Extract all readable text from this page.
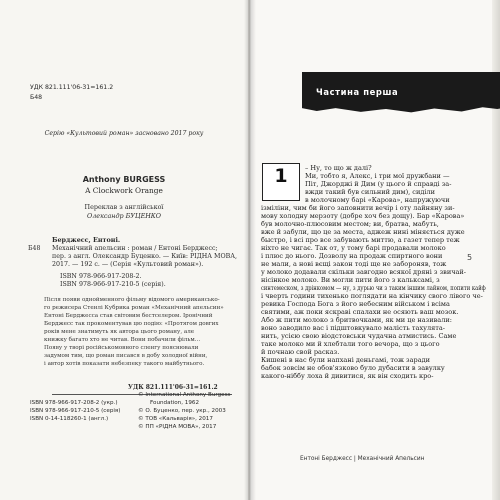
УДК 821.111'06-31=161.2
Б48
Серію «Культовий роман» засновано 2017 року
Anthony BURGESS
A Clockwork Orange
Переклав з англійської
Олександр БУЦЕНКО
Берджесс, Ентоні.
Б48 Механічний апельсин : роман / Ентоні Берджесс;
пер. з англ. Олександр Буценко. — Київ: РІДНА МОВА,
2017. — 192 с. — (Серія «Культовий роман»).
ISBN 978-966-917-208-2.
ISBN 978-966-917-210-5 (серія).

Після появи однойменного фільму відомого американсько-

го режисера Стенлі Кубрика роман «Механічний апельсин»

Ентоні Берджесса став світовим бестселером. Іронічний

Берджесс так прокоментував цю подію: «Протягом довгих

років мене знатимуть як автора цього роману, але

книжку багато хто не читав. Вони побачили фільм...

Появу у творі російськомовного сленгу пояснювали

задумом тим, що роман писався в добу холодної війни,

і автор хотів показати небезпеку такого майбутнього.

УДК 821.111'06-31=161.2
ISBN 978-966-917-208-2 (укр.)
ISBN 978-966-917-210-5 (серія)
ISBN 0-14-118260-1 (англ.)
© International Anthony Burgess
Foundation, 1962
© О. Буценко, пер. укр., 2003
© ТОВ «Кальварія», 2017
© ПП «РІДНА МОВА», 2017
Частина перша
1	– Ну, то що ж далі?
Ми, тобто я, Алекс, і три мої дружбани —
Піт, Джорджі й Дим (у цього й справді за-
вжди такий був сильний дим), сиділи
в молочному барі «Карова», напружуючи
ізміліни, чим би його заповнити вечір і оту лайняну зи-
мову холодну мерзоту (добре хоч без дощу). Бар «Карова»
був молочно-плюсовим местом; ви, братва, мабуть,
вже й забули, що це за места, аджеж нині міняється дуже
быстро, і всі про все забувають миттю, а газет тепер теж
ніхто не чигає. Так от, у тому барі продавали молоко
і плюс до нього. Дозволу на продаж спиртного вони
не мали, а нові вєщі закон тоді ще не забороняв, тож
у молоко додавали скільки завгодно всякої дряні з звичай-
нісінкое молоко. Ви могли пити його з кальксамі, з
синтемеском, з дрінкомом — ну, з дурью чи з таким іншим лайном, попити кайф
і чверть години тихенько поглядати на кінчику свого лівого че-
ревика Господа Бога з його небесним військом і всіма
святими, аж поки яскраві спалахи не осяють ваш мозок.
Або ж пити молоко з бритвочками, як ми це називали:
воно заводило вас і підштовкувало малість тахулята-
нить, усією свою віодстовськи чудачна атмистись. Саме
таке молоко ми й хлебтали того вечора, що з цього
й почнаю свой расказ.
Кишені в нас були напхані деньгамі, тож заради
бабок зовсім не обов'язково було дубасити в завулку
какого-ніббу лоха й дивитися, як він сходить кро-
5
Ентоні Берджесс | Механічний Апельсин
